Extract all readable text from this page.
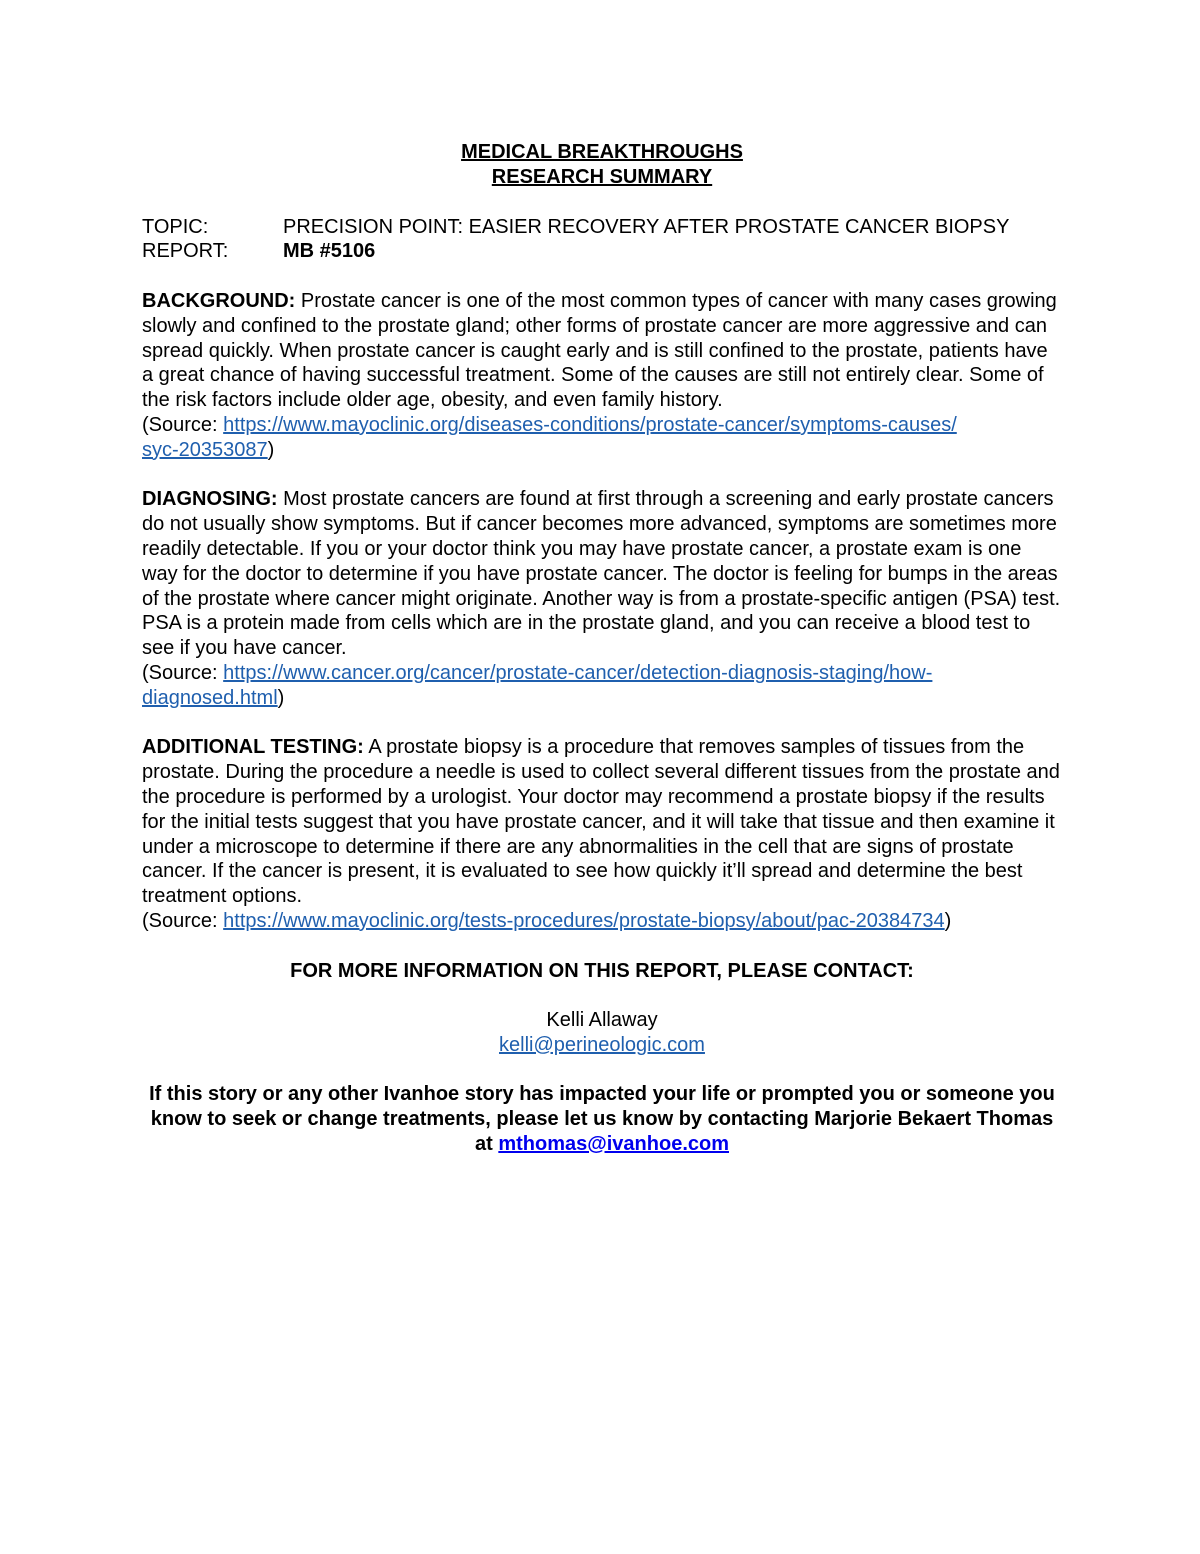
MEDICAL BREAKTHROUGHS
RESEARCH SUMMARY
TOPIC:	PRECISION POINT: EASIER RECOVERY AFTER PROSTATE CANCER BIOPSY
REPORT:	MB #5106

BACKGROUND: Prostate cancer is one of the most common types of cancer with many cases growing slowly and confined to the prostate gland; other forms of prostate cancer are more aggressive and can spread quickly. When prostate cancer is caught early and is still confined to the prostate, patients have a great chance of having successful treatment. Some of the causes are still not entirely clear. Some of the risk factors include older age, obesity, and even family history.

(Source: https://www.mayoclinic.org/diseases-conditions/prostate-cancer/symptoms-causes/
syc-20353087)

DIAGNOSING: Most prostate cancers are found at first through a screening and early prostate cancers do not usually show symptoms. But if cancer becomes more advanced, symptoms are sometimes more readily detectable. If you or your doctor think you may have prostate cancer, a prostate exam is one way for the doctor to determine if you have prostate cancer. The doctor is feeling for bumps in the areas of the prostate where cancer might originate. Another way is from a prostate-specific antigen (PSA) test. PSA is a protein made from cells which are in the prostate gland, and you can receive a blood test to see if you have cancer.

(Source: https://www.cancer.org/cancer/prostate-cancer/detection-diagnosis-staging/how-
diagnosed.html)

ADDITIONAL TESTING: A prostate biopsy is a procedure that removes samples of tissues from the prostate. During the procedure a needle is used to collect several different tissues from the prostate and the procedure is performed by a urologist. Your doctor may recommend a prostate biopsy if the results for the initial tests suggest that you have prostate cancer, and it will take that tissue and then examine it under a microscope to determine if there are any abnormalities in the cell that are signs of prostate cancer. If the cancer is present, it is evaluated to see how quickly it’ll spread and determine the best treatment options.

(Source: https://www.mayoclinic.org/tests-procedures/prostate-biopsy/about/pac-20384734)

FOR MORE INFORMATION ON THIS REPORT, PLEASE CONTACT:
Kelli Allaway
kelli@perineologic.com
If this story or any other Ivanhoe story has impacted your life or prompted you or someone you know to seek or change treatments, please let us know by contacting Marjorie Bekaert Thomas at mthomas@ivanhoe.com
